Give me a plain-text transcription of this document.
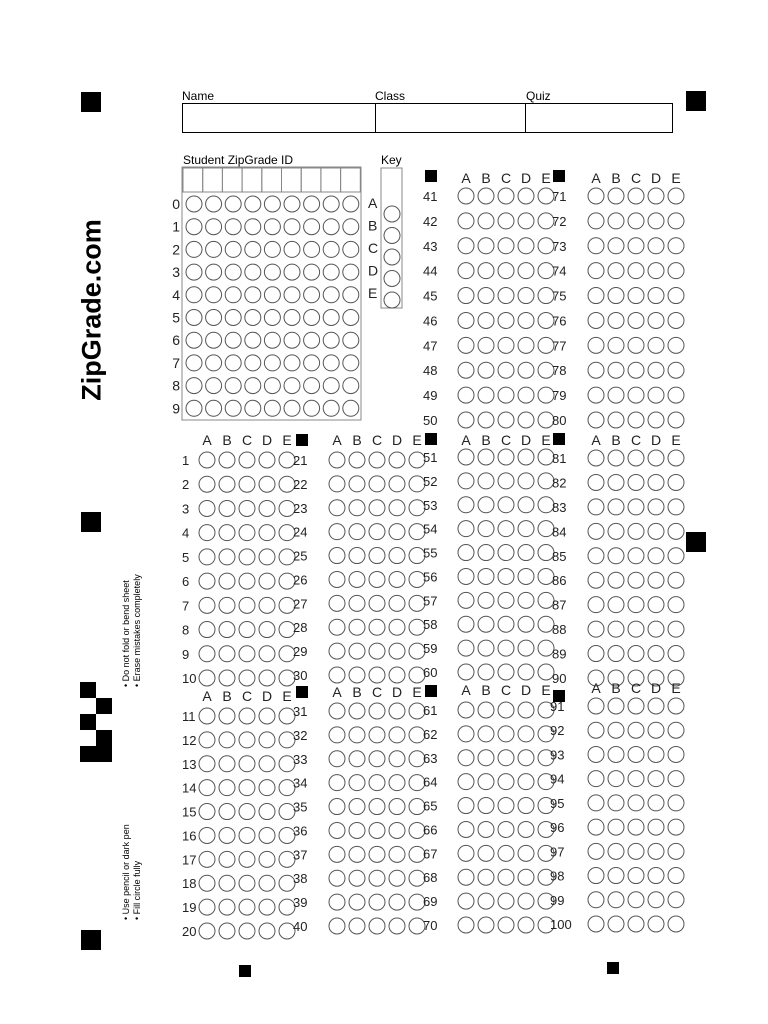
Name	Class	Quiz
ZipGrade.com
• Do not fold or bend sheet • Erase mistakes completely
• Use pencil or dark pen • Fill circle fully
Student ZipGrade ID	Key
0
1
2
3
4
5
6
7
8
9
A
B
C
D
E
A B C D E
41
42
43
44
45
46
47
48
49
50
A B C D E
71
72
73
74
75
76
77
78
79
80
A B C D E
1
2
3
4
5
6
7
8
9
10
A B C D E
21
22
23
24
25
26
27
28
29
30
A B C D E
51
52
53
54
55
56
57
58
59
60
A B C D E
81
82
83
84
85
86
87
88
89
90
A B C D E
11
12
13
14
15
16
17
18
19
20
A B C D E
31
32
33
34
35
36
37
38
39
40
A B C D E
61
62
63
64
65
66
67
68
69
70
A B C D E
91
92
93
94
95
96
97
98
99
100
